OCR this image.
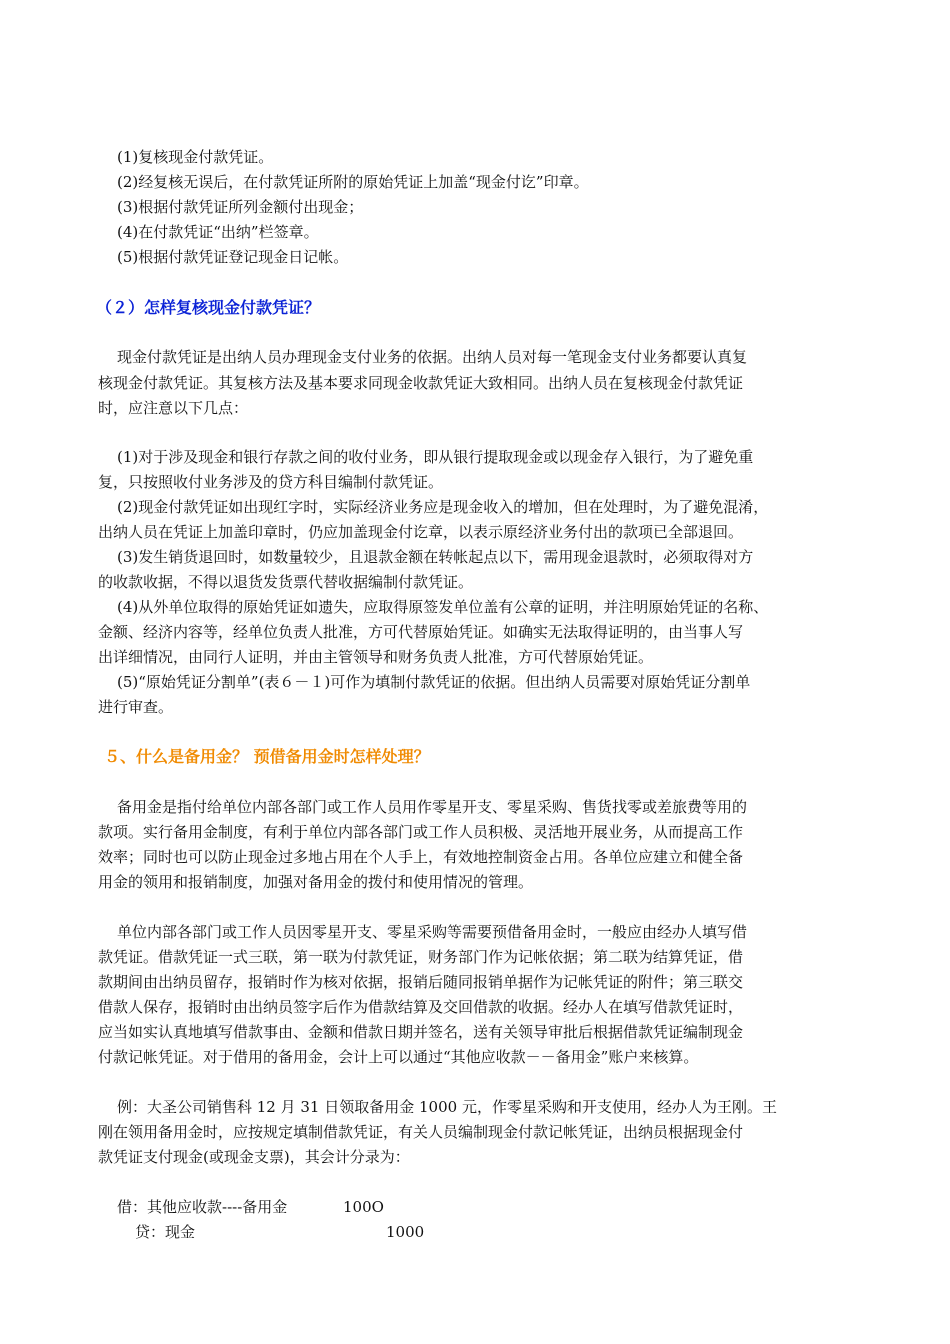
(1)复核现金付款凭证。
(2)经复核无误后，在付款凭证所附的原始凭证上加盖“现金付讫”印章。
(3)根据付款凭证所列金额付出现金；
(4)在付款凭证“出纳”栏签章。
(5)根据付款凭证登记现金日记帐。
（２）怎样复核现金付款凭证？
现金付款凭证是出纳人员办理现金支付业务的依据。出纳人员对每一笔现金支付业务都要认真复
核现金付款凭证。其复核方法及基本要求同现金收款凭证大致相同。出纳人员在复核现金付款凭证
时，应注意以下几点：
(1)对于涉及现金和银行存款之间的收付业务，即从银行提取现金或以现金存入银行，为了避免重
复，只按照收付业务涉及的贷方科目编制付款凭证。
(2)现金付款凭证如出现红字时，实际经济业务应是现金收入的增加，但在处理时，为了避免混淆，
出纳人员在凭证上加盖印章时，仍应加盖现金付讫章，以表示原经济业务付出的款项已全部退回。
(3)发生销货退回时，如数量较少，且退款金额在转帐起点以下，需用现金退款时，必须取得对方
的收款收据，不得以退货发货票代替收据编制付款凭证。
(4)从外单位取得的原始凭证如遗失，应取得原签发单位盖有公章的证明，并注明原始凭证的名称、
金额、经济内容等，经单位负责人批准，方可代替原始凭证。如确实无法取得证明的，由当事人写
出详细情况，由同行人证明，并由主管领导和财务负责人批准，方可代替原始凭证。
(5)“原始凭证分割单”(表６－１)可作为填制付款凭证的依据。但出纳人员需要对原始凭证分割单
进行审查。
５、什么是备用金？ 预借备用金时怎样处理？
备用金是指付给单位内部各部门或工作人员用作零星开支、零星采购、售货找零或差旅费等用的
款项。实行备用金制度，有利于单位内部各部门或工作人员积极、灵活地开展业务，从而提高工作
效率；同时也可以防止现金过多地占用在个人手上，有效地控制资金占用。各单位应建立和健全备
用金的领用和报销制度，加强对备用金的拨付和使用情况的管理。
单位内部各部门或工作人员因零星开支、零星采购等需要预借备用金时，一般应由经办人填写借
款凭证。借款凭证一式三联，第一联为付款凭证，财务部门作为记帐依据；第二联为结算凭证，借
款期间由出纳员留存，报销时作为核对依据，报销后随同报销单据作为记帐凭证的附件；第三联交
借款人保存，报销时由出纳员签字后作为借款结算及交回借款的收据。经办人在填写借款凭证时，
应当如实认真地填写借款事由、金额和借款日期并签名，送有关领导审批后根据借款凭证编制现金
付款记帐凭证。对于借用的备用金，会计上可以通过“其他应收款－－备用金”账户来核算。
例：大圣公司销售科 12 月 31 日领取备用金 1000 元，作零星采购和开支使用，经办人为王刚。王
刚在领用备用金时，应按规定填制借款凭证，有关人员编制现金付款记帐凭证，出纳员根据现金付
款凭证支付现金(或现金支票)，其会计分录为：
借：其他应收款----备用金	100O
贷：现金	1000
